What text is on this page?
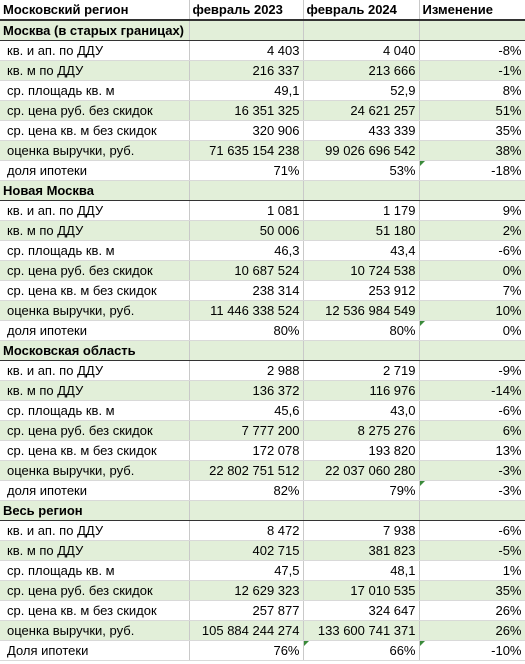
Московский регион	февраль 2023	февраль 2024	Изменение
Москва (в старых границах)			
кв. и ап. по ДДУ	4 403	4 040	-8%
кв. м по ДДУ	216 337	213 666	-1%
ср. площадь кв. м	49,1	52,9	8%
ср. цена руб. без скидок	16 351 325	24 621 257	51%
ср. цена кв. м без скидок	320 906	433 339	35%
оценка выручки, руб.	71 635 154 238	99 026 696 542	38%
доля ипотеки	71%	53%	-18%
Новая Москва			
кв. и ап. по ДДУ	1 081	1 179	9%
кв. м по ДДУ	50 006	51 180	2%
ср. площадь кв. м	46,3	43,4	-6%
ср. цена руб. без скидок	10 687 524	10 724 538	0%
ср. цена кв. м без скидок	238 314	253 912	7%
оценка выручки, руб.	11 446 338 524	12 536 984 549	10%
доля ипотеки	80%	80%	0%
Московская область			
кв. и ап. по ДДУ	2 988	2 719	-9%
кв. м по ДДУ	136 372	116 976	-14%
ср. площадь кв. м	45,6	43,0	-6%
ср. цена руб. без скидок	7 777 200	8 275 276	6%
ср. цена кв. м без скидок	172 078	193 820	13%
оценка выручки, руб.	22 802 751 512	22 037 060 280	-3%
доля ипотеки	82%	79%	-3%
Весь регион			
кв. и ап. по ДДУ	8 472	7 938	-6%
кв. м по ДДУ	402 715	381 823	-5%
ср. площадь кв. м	47,5	48,1	1%
ср. цена руб. без скидок	12 629 323	17 010 535	35%
ср. цена кв. м без скидок	257 877	324 647	26%
оценка выручки, руб.	105 884 244 274	133 600 741 371	26%
Доля ипотеки	76%	66%	-10%
